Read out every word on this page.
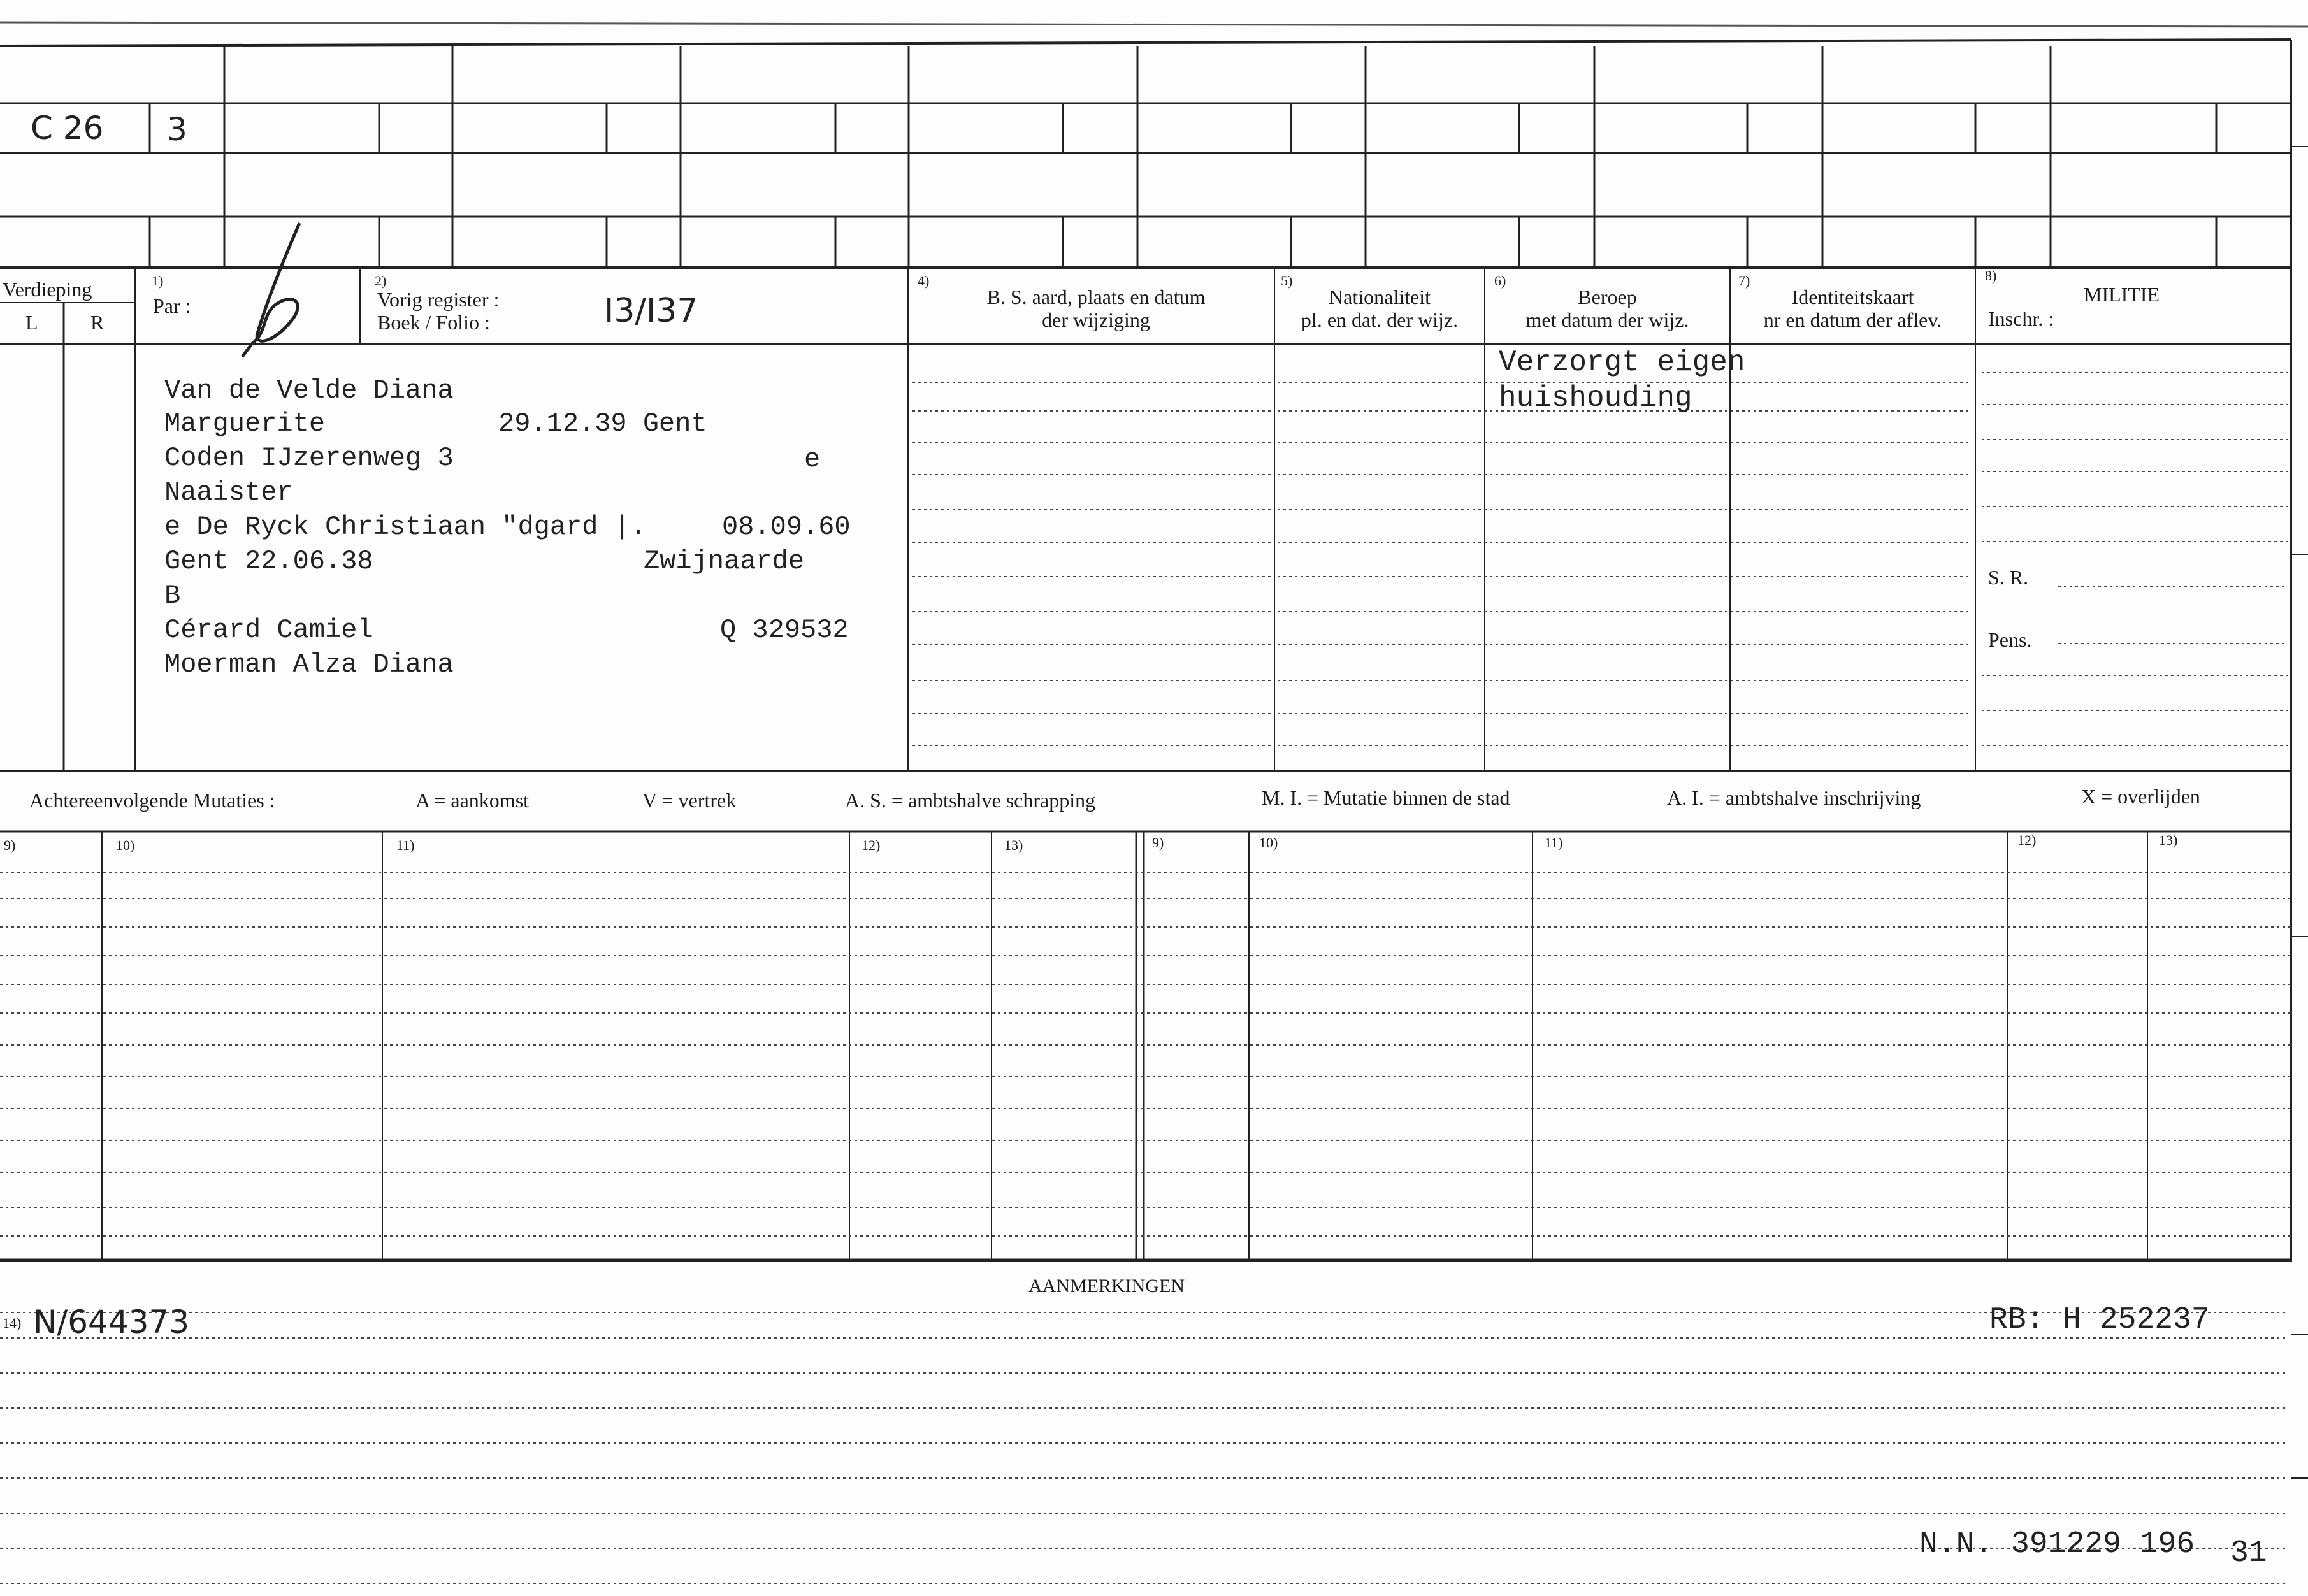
C 26 3
Verdieping
L	R
1)
Par :
2)
Vorig register :
Boek / Folio :	I3/I37
4)
B. S. aard, plaats en datum
der wijziging
5)
Nationaliteit
pl. en dat. der wijz.
6)
Beroep
met datum der wijz.
7)
Identiteitskaart
nr en datum der aflev.
8)
MILITIE
Inschr. :
S. R.
Pens.
Van de Velde Diana
Marguerite	29.12.39 Gent
Coden IJzerenweg 3	e
Naaister
e De Ryck Christiaan "dgard |.	08.09.60
Gent 22.06.38	Zwijnaarde
B
Cérard Camiel	Q 329532
Moerman Alza Diana
Verzorgt eigen
huishouding
Achtereenvolgende Mutaties :	A = aankomst	V = vertrek	A. S. = ambtshalve schrapping	M. I. = Mutatie binnen de stad	A. I. = ambtshalve inschrijving	X = overlijden
9)	10)	11)	12)	13)	9)	10)	11)	12)	13)
AANMERKINGEN
14) N/644373	RB: H 252237
N.N. 391229 196 31
